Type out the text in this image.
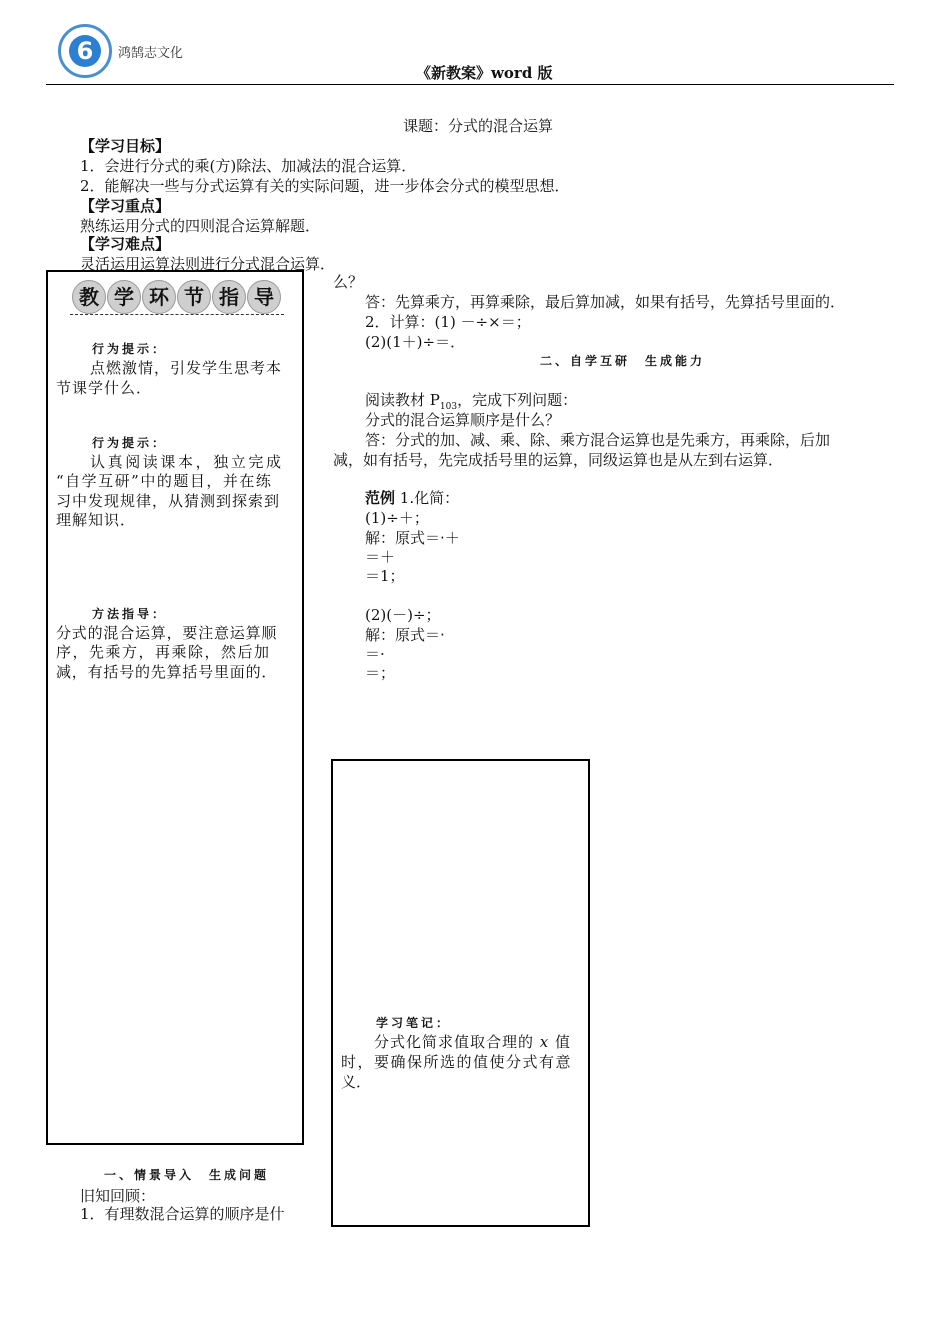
6	鸿鹄志文化
《新教案》word 版
课题：分式的混合运算
【学习目标】
1．会进行分式的乘(方)除法、加减法的混合运算．
2．能解决一些与分式运算有关的实际问题，进一步体会分式的模型思想．
【学习重点】
熟练运用分式的四则混合运算解题．
【学习难点】
灵活运用运算法则进行分式混合运算．
教 学 环 节 指 导
行为提示：
点燃激情，引发学生思考本
节课学什么．
行为提示：
认真阅读课本，独立完成
“自学互研”中的题目，并在练
习中发现规律，从猜测到探索到
理解知识．
方法指导：
分式的混合运算，要注意运算顺
序，先乘方，再乘除，然后加
减，有括号的先算括号里面的．
一、情景导入　生成问题
旧知回顾：
1．有理数混合运算的顺序是什
么？
答：先算乘方，再算乘除，最后算加减，如果有括号，先算括号里面的．
2．计算：(1) －÷×＝；
(2)(1＋)÷＝．
二、自学互研　生成能力
阅读教材 $P_{103}$，完成下列问题：
分式的混合运算顺序是什么？
答：分式的加、减、乘、除、乘方混合运算也是先乘方，再乘除，后加
减，如有括号，先完成括号里的运算，同级运算也是从左到右运算．
范例 1.化简：
(1)÷＋；
解：原式＝·＋
＝＋
＝1；
(2)(－)÷；
解：原式＝·
＝·
＝；
学习笔记：
分式化简求值取合理的 x 值
时，要确保所选的值使分式有意
义．
